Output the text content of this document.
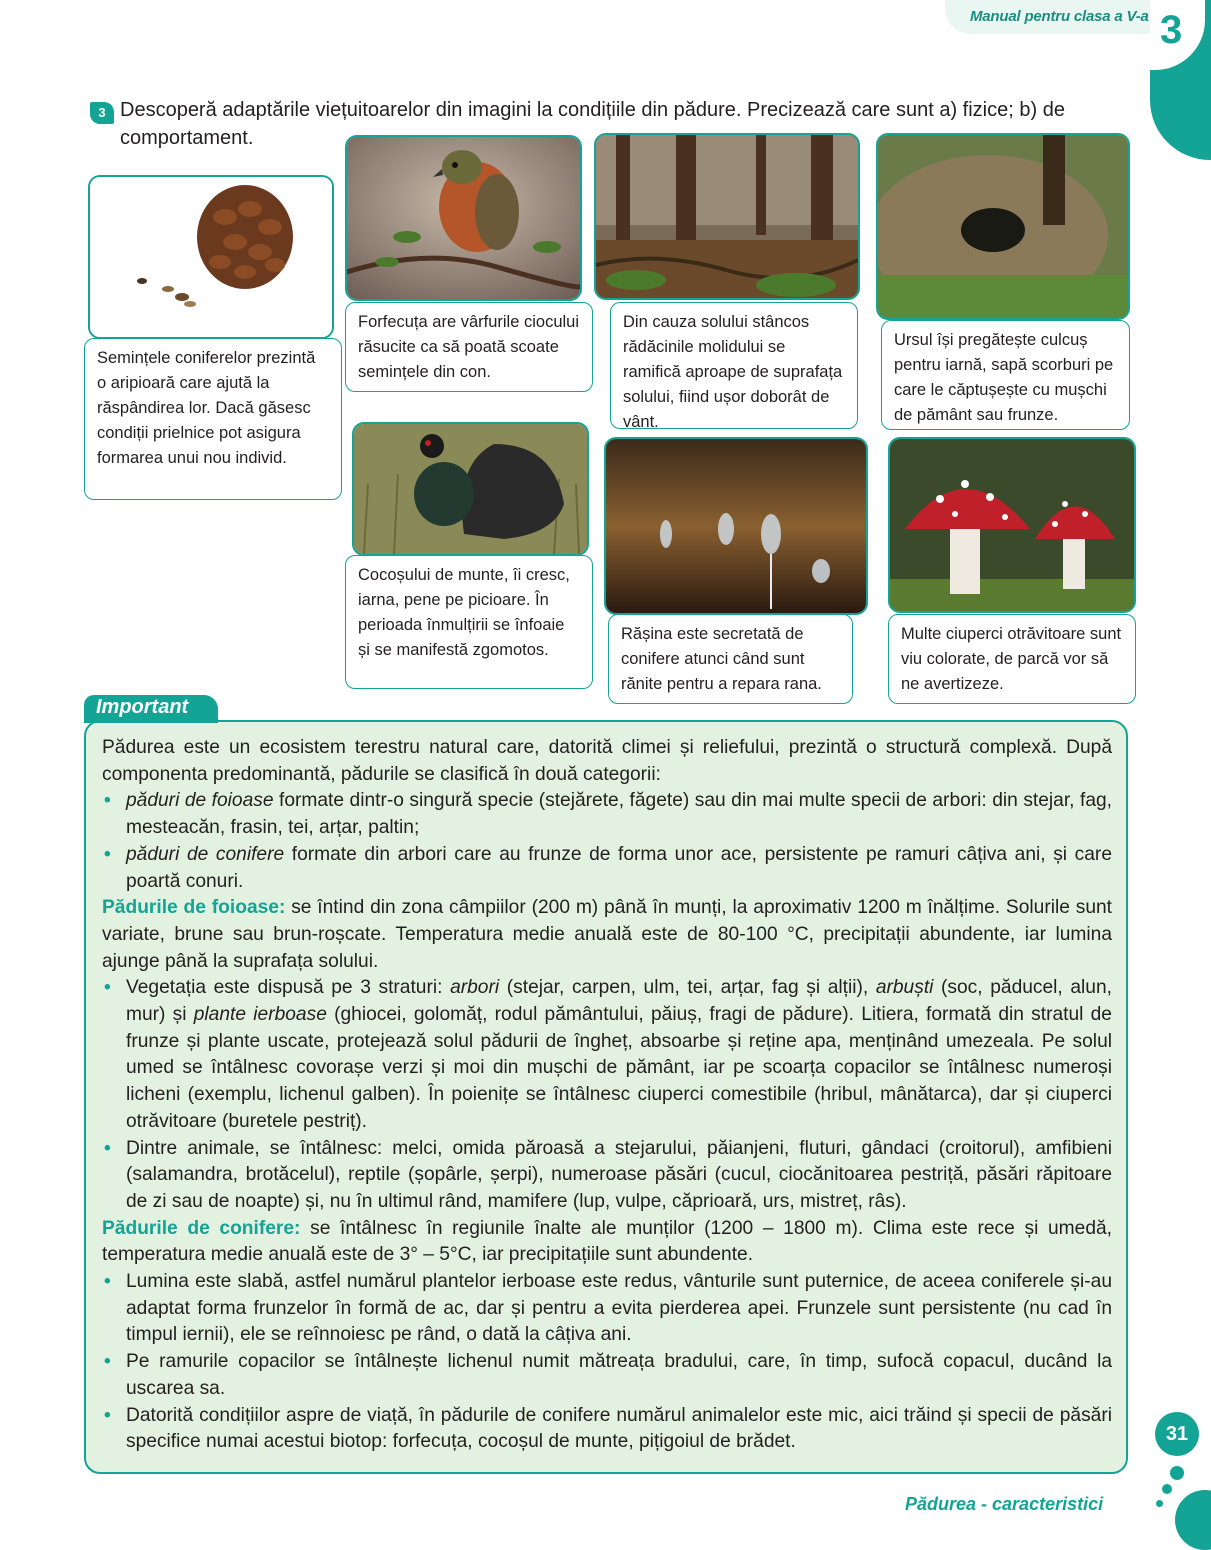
Manual pentru clasa a V-a 3
3 Descoperă adaptările viețuitoarelor din imagini la condițiile din pădure. Precizează care sunt a) fizice; b) de comportament.
Semințele coniferelor prezintă o aripioară care ajută la răspândirea lor. Dacă găsesc condiții prielnice pot asigura formarea unui nou individ.
Forfecuța are vârfurile ciocului răsucite ca să poată scoate semințele din con.
Din cauza solului stâncos rădăcinile molidului se ramifică aproape de suprafața solului, fiind ușor doborât de vânt.
Ursul își pregătește culcuș pentru iarnă, sapă scorburi pe care le căptușește cu mușchi de pământ sau frunze.
Cocoșului de munte, îi cresc, iarna, pene pe picioare. În perioada înmulțirii se înfoaie și se manifestă zgomotos.
Rășina este secretată de conifere atunci când sunt rănite pentru a repara rana.
Multe ciuperci otrăvitoare sunt viu colorate, de parcă vor să ne avertizeze.
Important

Pădurea este un ecosistem terestru natural care, datorită climei și reliefului, prezintă o structură complexă. După componenta predominantă, pădurile se clasifică în două categorii:

• păduri de foioase formate dintr-o singură specie (stejărete, făgete) sau din mai multe specii de arbori: din stejar, fag, mesteacăn, frasin, tei, arțar, paltin;
• păduri de conifere formate din arbori care au frunze de forma unor ace, persistente pe ramuri câțiva ani, și care poartă conuri.

Pădurile de foioase: se întind din zona câmpiilor (200 m) până în munți, la aproximativ 1200 m înălțime. Solurile sunt variate, brune sau brun-roșcate. Temperatura medie anuală este de 80-100 °C, precipitații abundente, iar lumina ajunge până la suprafața solului.

• Vegetația este dispusă pe 3 straturi: arbori (stejar, carpen, ulm, tei, arțar, fag și alții), arbuști (soc, păducel, alun, mur) și plante ierboase (ghiocei, golomăț, rodul pământului, păiuș, fragi de pădure). Litiera, formată din stratul de frunze și plante uscate, protejează solul pădurii de îngheț, absoarbe și reține apa, menținând umezeala. Pe solul umed se întâlnesc covorașe verzi și moi din mușchi de pământ, iar pe scoarța copacilor se întâlnesc numeroși licheni (exemplu, lichenul galben). În poienițe se întâlnesc ciuperci comestibile (hribul, mânătarca), dar și ciuperci otrăvitoare (buretele pestriț).
• Dintre animale, se întâlnesc: melci, omida păroasă a stejarului, păianjeni, fluturi, gândaci (croitorul), amfibieni (salamandra, brotăcelul), reptile (șopârle, șerpi), numeroase păsări (cucul, ciocănitoarea pestriță, păsări răpitoare de zi sau de noapte) și, nu în ultimul rând, mamifere (lup, vulpe, căprioară, urs, mistreț, râs).

Pădurile de conifere: se întâlnesc în regiunile înalte ale munților (1200 – 1800 m). Clima este rece și umedă, temperatura medie anuală este de 3° – 5°C, iar precipitațiile sunt abundente.

• Lumina este slabă, astfel numărul plantelor ierboase este redus, vânturile sunt puternice, de aceea coniferele și-au adaptat forma frunzelor în formă de ac, dar și pentru a evita pierderea apei. Frunzele sunt persistente (nu cad în timpul iernii), ele se reînnoiesc pe rând, o dată la câțiva ani.
• Pe ramurile copacilor se întâlnește lichenul numit mătreața bradului, care, în timp, sufocă copacul, ducând la uscarea sa.
• Datorită condițiilor aspre de viață, în pădurile de conifere numărul animalelor este mic, aici trăind și specii de păsări specifice numai acestui biotop: forfecuța, cocoșul de munte, pițigoiul de brădet.	31
Pădurea - caracteristici
